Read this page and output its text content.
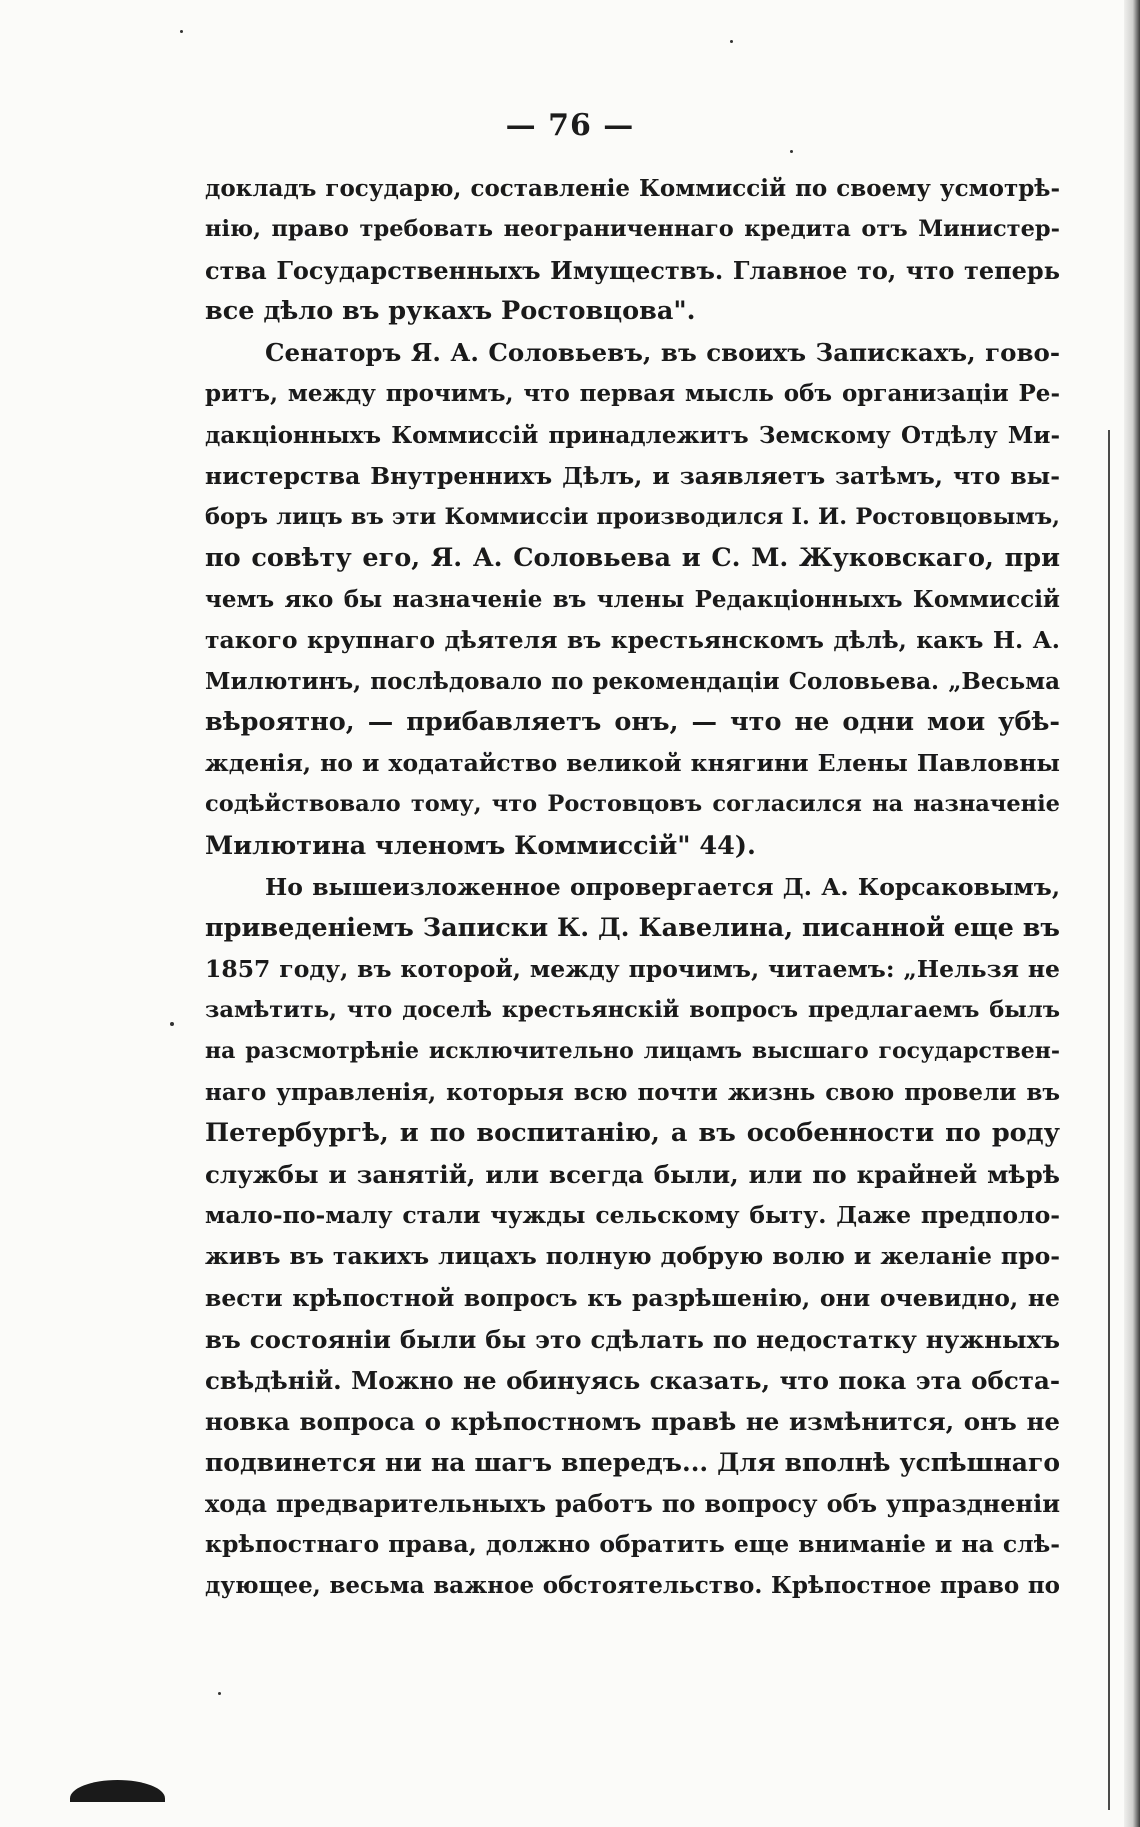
— 76 —
докладъ государю, составленіе Коммиссій по своему усмотрѣ-
нію, право требовать неограниченнаго кредита отъ Министер-
ства Государственныхъ Имуществъ. Главное то, что теперь
все дѣло въ рукахъ Ростовцова".
Сенаторъ Я. А. Соловьевъ, въ своихъ Запискахъ, гово-
ритъ, между прочимъ, что первая мысль объ организаціи Ре-
дакціонныхъ Коммиссій принадлежитъ Земскому Отдѣлу Ми-
нистерства Внутреннихъ Дѣлъ, и заявляетъ затѣмъ, что вы-
боръ лицъ въ эти Коммиссіи производился І. И. Ростовцовымъ,
по совѣту его, Я. А. Соловьева и С. М. Жуковскаго, при
чемъ яко бы назначеніе въ члены Редакціонныхъ Коммиссій
такого крупнаго дѣятеля въ крестьянскомъ дѣлѣ, какъ Н. А.
Милютинъ, послѣдовало по рекомендаціи Соловьева. „Весьма
вѣроятно, — прибавляетъ онъ, — что не одни мои убѣ-
жденія, но и ходатайство великой княгини Елены Павловны
содѣйствовало тому, что Ростовцовъ согласился на назначеніе
Милютина членомъ Коммиссій" 44).
Но вышеизложенное опровергается Д. А. Корсаковымъ,
приведеніемъ Записки К. Д. Кавелина, писанной еще въ
1857 году, въ которой, между прочимъ, читаемъ: „Нельзя не
замѣтить, что доселѣ крестьянскій вопросъ предлагаемъ былъ
на разсмотрѣніе исключительно лицамъ высшаго государствен-
наго управленія, которыя всю почти жизнь свою провели въ
Петербургѣ, и по воспитанію, а въ особенности по роду
службы и занятій, или всегда были, или по крайней мѣрѣ
мало-по-малу стали чужды сельскому быту. Даже предполо-
живъ въ такихъ лицахъ полную добрую волю и желаніе про-
вести крѣпостной вопросъ къ разрѣшенію, они очевидно, не
въ состояніи были бы это сдѣлать по недостатку нужныхъ
свѣдѣній. Можно не обинуясь сказать, что пока эта обста-
новка вопроса о крѣпостномъ правѣ не измѣнится, онъ не
подвинется ни на шагъ впередъ... Для вполнѣ успѣшнаго
хода предварительныхъ работъ по вопросу объ упраздненіи
крѣпостнаго права, должно обратить еще вниманіе и на слѣ-
дующее, весьма важное обстоятельство. Крѣпостное право по
